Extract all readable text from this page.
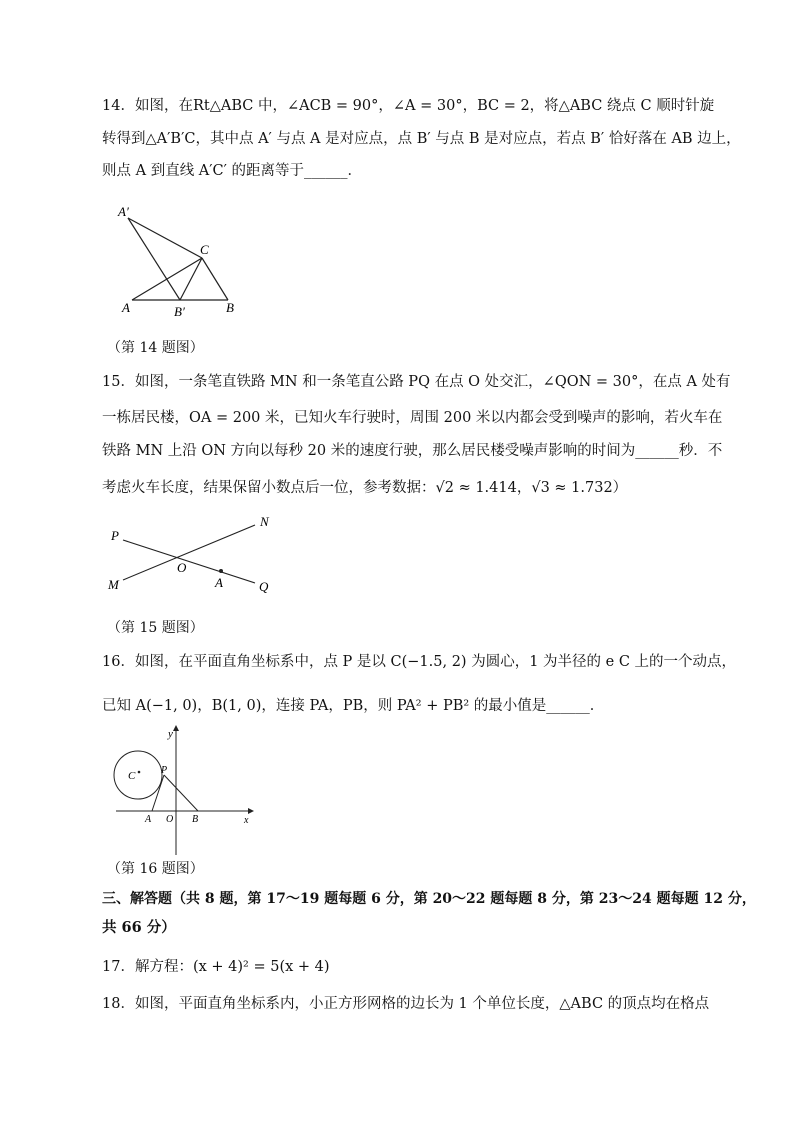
14．如图，在Rt△ABC 中，∠ACB = 90°，∠A = 30°，BC = 2，将△ABC 绕点 C 顺时针旋
转得到△A′B′C，其中点 A′ 与点 A 是对应点，点 B′ 与点 B 是对应点，若点 B′ 恰好落在 AB 边上，
则点 A 到直线 A′C′ 的距离等于______．
A′
C
A	B′	B
（第 14 题图）
15．如图，一条笔直铁路 MN 和一条笔直公路 PQ 在点 O 处交汇，∠QON = 30°，在点 A 处有
一栋居民楼，OA = 200 米，已知火车行驶时，周围 200 米以内都会受到噪声的影响，若火车在
铁路 MN 上沿 ON 方向以每秒 20 米的速度行驶，那么居民楼受噪声影响的时间为______秒．不
考虑火车长度，结果保留小数点后一位，参考数据：√2 ≈ 1.414，√3 ≈ 1.732）
P
N
O
M	A	Q
（第 15 题图）
16．如图，在平面直角坐标系中，点 P 是以 C(−1.5, 2) 为圆心，1 为半径的 e C 上的一个动点，
已知 A(−1, 0)，B(1, 0)，连接 PA，PB，则 PA² + PB² 的最小值是______．
y
C	P
A O B	x
（第 16 题图）
三、解答题（共 8 题，第 17～19 题每题 6 分，第 20～22 题每题 8 分，第 23～24 题每题 12 分，
共 66 分）
17．解方程：(x + 4)² = 5(x + 4)
18．如图，平面直角坐标系内，小正方形网格的边长为 1 个单位长度，△ABC 的顶点均在格点
